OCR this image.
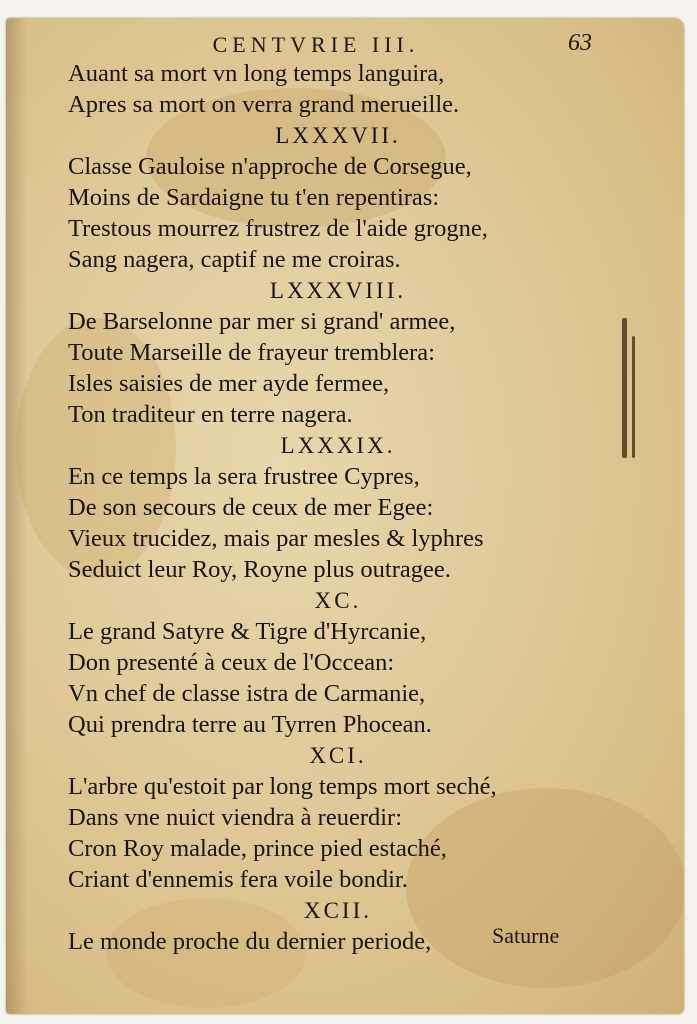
CENTVRIE III.	63
Auant sa mort vn long temps languira,
Apres sa mort on verra grand merueille.
LXXXVII.
Classe Gauloise n'approche de Corsegue,
Moins de Sardaigne tu t'en repentiras:
Trestous mourrez frustrez de l'aide grogne,
Sang nagera, captif ne me croiras.
LXXXVIII.
De Barselonne par mer si grand' armee,
Toute Marseille de frayeur tremblera:
Isles saisies de mer ayde fermee,
Ton traditeur en terre nagera.
LXXXIX.
En ce temps la sera frustree Cypres,
De son secours de ceux de mer Egee:
Vieux trucidez, mais par mesles & lyphres
Seduict leur Roy, Royne plus outragee.
XC.
Le grand Satyre & Tigre d'Hyrcanie,
Don presenté à ceux de l'Occean:
Vn chef de classe istra de Carmanie,
Qui prendra terre au Tyrren Phocean.
XCI.
L'arbre qu'estoit par long temps mort seché,
Dans vne nuict viendra à reuerdir:
Cron Roy malade, prince pied estaché,
Criant d'ennemis fera voile bondir.
XCII.
Le monde proche du dernier periode,	Saturne
